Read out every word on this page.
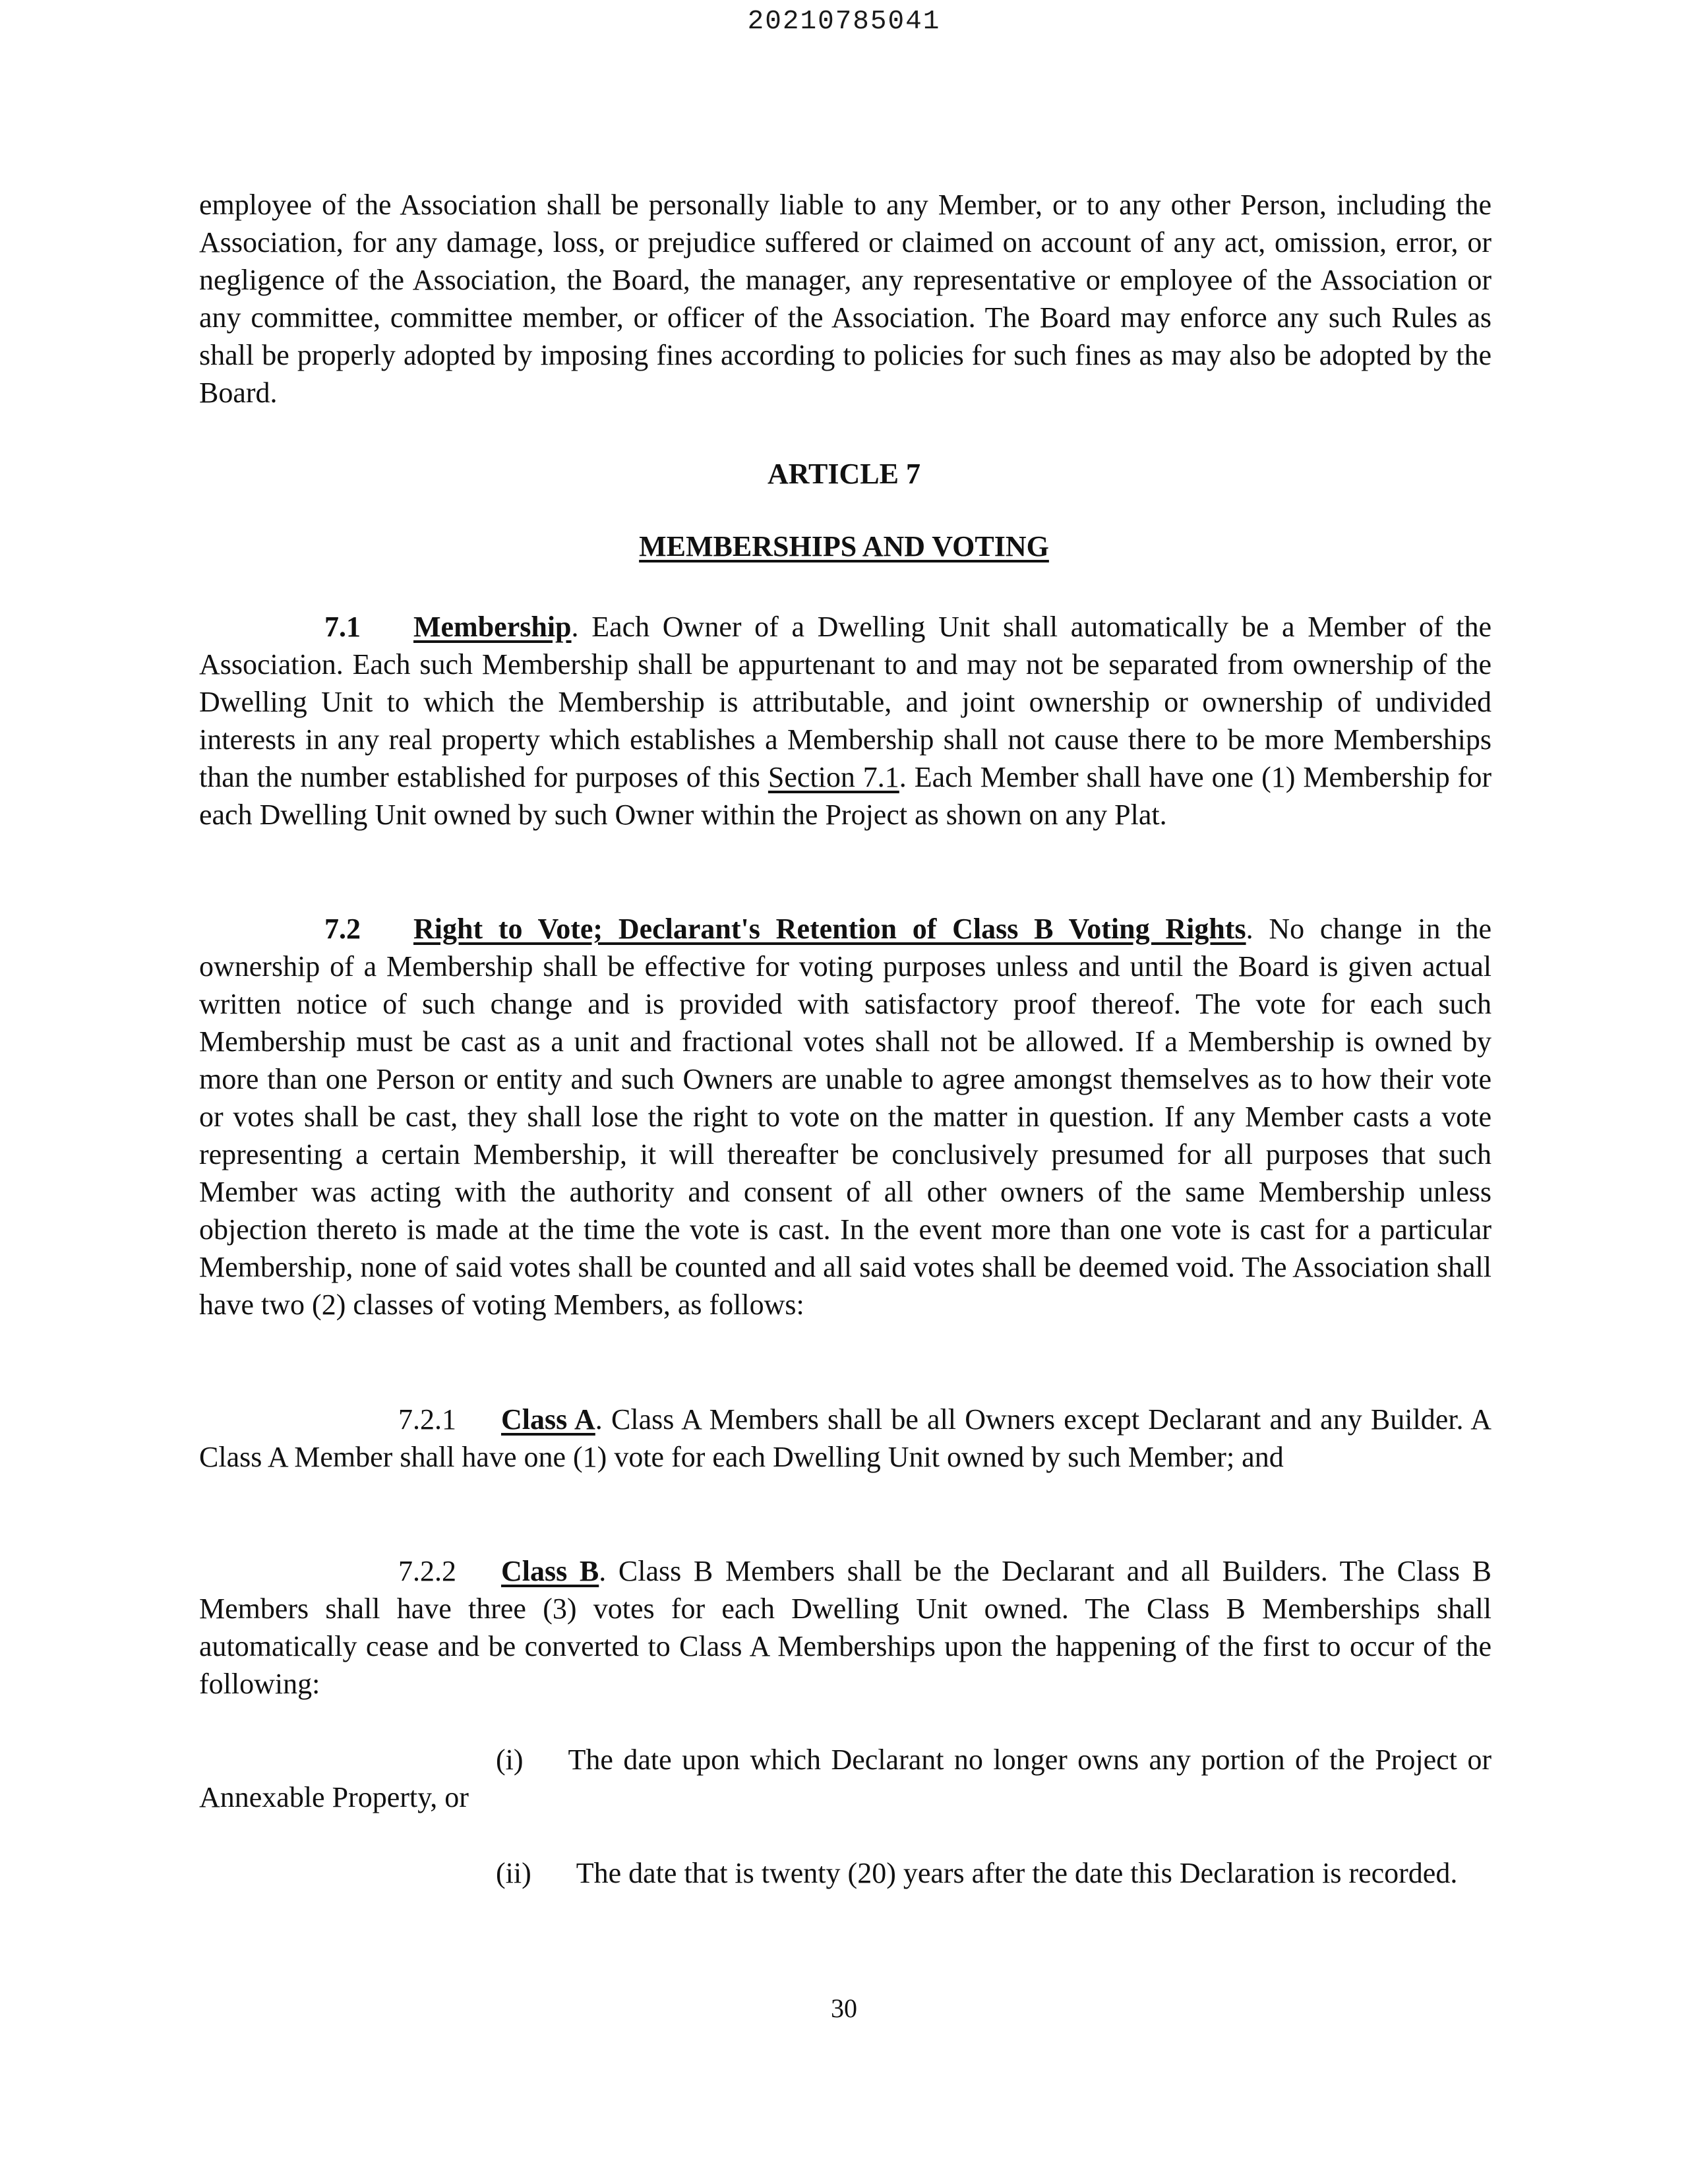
20210785041

employee of the Association shall be personally liable to any Member, or to any other Person, including the Association, for any damage, loss, or prejudice suffered or claimed on account of any act, omission, error, or negligence of the Association, the Board, the manager, any representative or employee of the Association or any committee, committee member, or officer of the Association. The Board may enforce any such Rules as shall be properly adopted by imposing fines according to policies for such fines as may also be adopted by the Board.

ARTICLE 7
MEMBERSHIPS AND VOTING

7.1 Membership. Each Owner of a Dwelling Unit shall automatically be a Member of the Association. Each such Membership shall be appurtenant to and may not be separated from ownership of the Dwelling Unit to which the Membership is attributable, and joint ownership or ownership of undivided interests in any real property which establishes a Membership shall not cause there to be more Memberships than the number established for purposes of this Section 7.1. Each Member shall have one (1) Membership for each Dwelling Unit owned by such Owner within the Project as shown on any Plat.

7.2 Right to Vote; Declarant's Retention of Class B Voting Rights. No change in the ownership of a Membership shall be effective for voting purposes unless and until the Board is given actual written notice of such change and is provided with satisfactory proof thereof. The vote for each such Membership must be cast as a unit and fractional votes shall not be allowed. If a Membership is owned by more than one Person or entity and such Owners are unable to agree amongst themselves as to how their vote or votes shall be cast, they shall lose the right to vote on the matter in question. If any Member casts a vote representing a certain Membership, it will thereafter be conclusively presumed for all purposes that such Member was acting with the authority and consent of all other owners of the same Membership unless objection thereto is made at the time the vote is cast. In the event more than one vote is cast for a particular Membership, none of said votes shall be counted and all said votes shall be deemed void. The Association shall have two (2) classes of voting Members, as follows:

7.2.1 Class A. Class A Members shall be all Owners except Declarant and any Builder. A Class A Member shall have one (1) vote for each Dwelling Unit owned by such Member; and

7.2.2 Class B. Class B Members shall be the Declarant and all Builders. The Class B Members shall have three (3) votes for each Dwelling Unit owned. The Class B Memberships shall automatically cease and be converted to Class A Memberships upon the happening of the first to occur of the following:

(i) The date upon which Declarant no longer owns any portion of the Project or Annexable Property, or

(ii) The date that is twenty (20) years after the date this Declaration is recorded.

30
